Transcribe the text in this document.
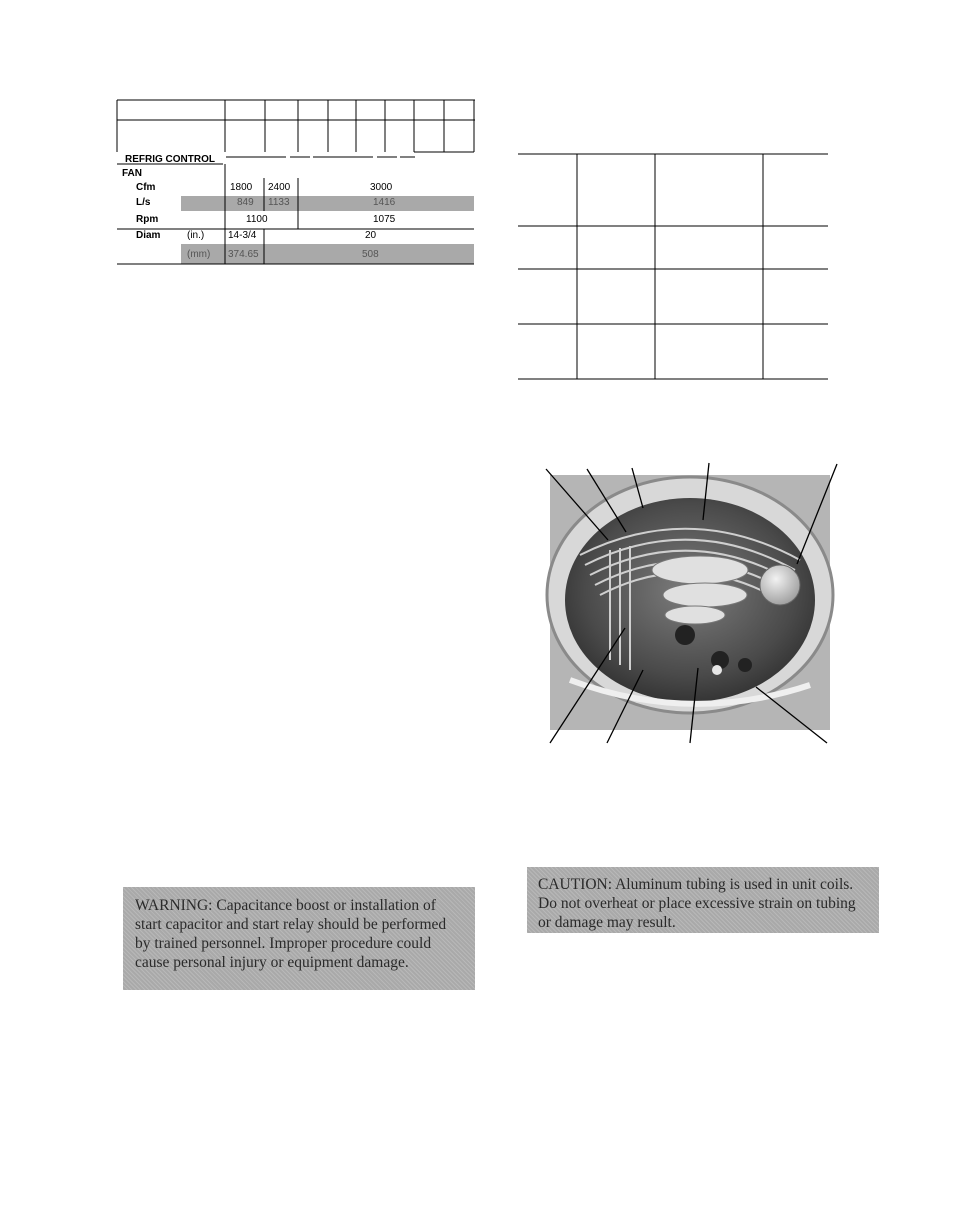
REFRIG CONTROL
FAN
Cfm	1800 2400	3000
L/s	849 1133	1416
Rpm	1100	1075
Diam	(in.) 14-3/4	20
(mm) 374.65	508
WARNING: Capacitance boost or installation of start capacitor and start relay should be performed by trained personnel. Improper procedure could cause personal injury or equipment damage.
CAUTION: Aluminum tubing is used in unit coils. Do not overheat or place excessive strain on tubing or damage may result.
